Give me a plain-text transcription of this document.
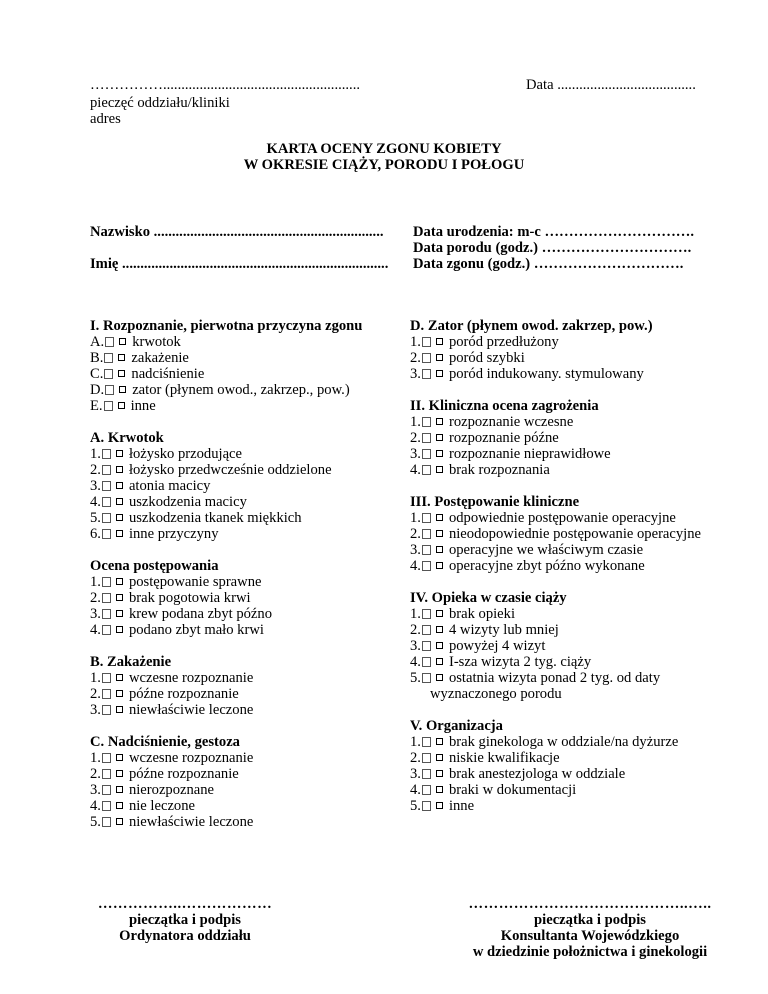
……………......................................................
pieczęć oddziału/kliniki
adres
Data ......................................
KARTA OCENY ZGONU KOBIETY
W OKRESIE CIĄŻY, PORODU I POŁOGU
Nazwisko ...............................................................
Imię .........................................................................
Data urodzenia: m-c ………………………….
Data porodu (godz.) ………………………….
Data zgonu (godz.) ………………………….
I. Rozpoznanie, pierwotna przyczyna zgonu
A. krwotok
B. zakażenie
C. nadciśnienie
D. zator (płynem owod., zakrzep., pow.)
E. inne
A. Krwotok
1. łożysko przodujące
2. łożysko przedwcześnie oddzielone
3. atonia macicy
4. uszkodzenia macicy
5. uszkodzenia tkanek miękkich
6. inne przyczyny
Ocena postępowania
1. postępowanie sprawne
2. brak pogotowia krwi
3. krew podana zbyt późno
4. podano zbyt mało krwi
B. Zakażenie
1. wczesne rozpoznanie
2. późne rozpoznanie
3. niewłaściwie leczone
C. Nadciśnienie, gestoza
1. wczesne rozpoznanie
2. późne rozpoznanie
3. nierozpoznane
4. nie leczone
5. niewłaściwie leczone
D. Zator (płynem owod. zakrzep, pow.)
1. poród przedłużony
2. poród szybki
3. poród indukowany. stymulowany
II. Kliniczna ocena zagrożenia
1. rozpoznanie wczesne
2. rozpoznanie późne
3. rozpoznanie nieprawidłowe
4. brak rozpoznania
III. Postępowanie kliniczne
1. odpowiednie postępowanie operacyjne
2. nieodopowiednie postępowanie operacyjne
3. operacyjne we właściwym czasie
4. operacyjne zbyt późno wykonane
IV. Opieka w czasie ciąży
1. brak opieki
2. 4 wizyty lub mniej
3. powyżej 4 wizyt
4. I-sza wizyta 2 tyg. ciąży
5. ostatnia wizyta ponad 2 tyg. od daty
wyznaczonego porodu
V. Organizacja
1. brak ginekologa w oddziale/na dyżurze
2. niskie kwalifikacje
3. brak anestezjologa w oddziale
4. braki w dokumentacji
5. inne
……………..………………
pieczątka i podpis
Ordynatora oddziału
……………………………………..…..
pieczątka i podpis
Konsultanta Wojewódzkiego
w dziedzinie położnictwa i ginekologii
